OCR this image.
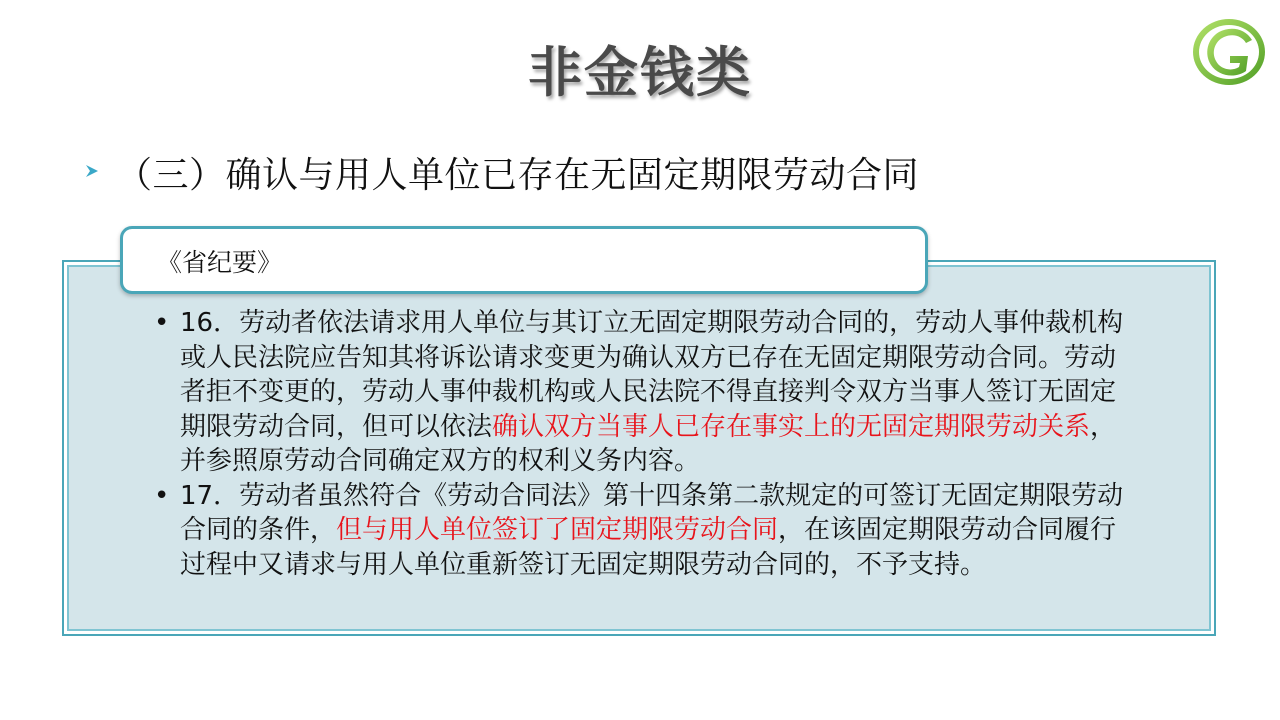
非金钱类
（三）确认与用人单位已存在无固定期限劳动合同
《省纪要》
• 16．劳动者依法请求用人单位与其订立无固定期限劳动合同的，劳动人事仲裁机构或人民法院应告知其将诉讼请求变更为确认双方已存在无固定期限劳动合同。劳动者拒不变更的，劳动人事仲裁机构或人民法院不得直接判令双方当事人签订无固定期限劳动合同，但可以依法确认双方当事人已存在事实上的无固定期限劳动关系，并参照原劳动合同确定双方的权利义务内容。
• 17．劳动者虽然符合《劳动合同法》第十四条第二款规定的可签订无固定期限劳动合同的条件，但与用人单位签订了固定期限劳动合同，在该固定期限劳动合同履行过程中又请求与用人单位重新签订无固定期限劳动合同的，不予支持。
